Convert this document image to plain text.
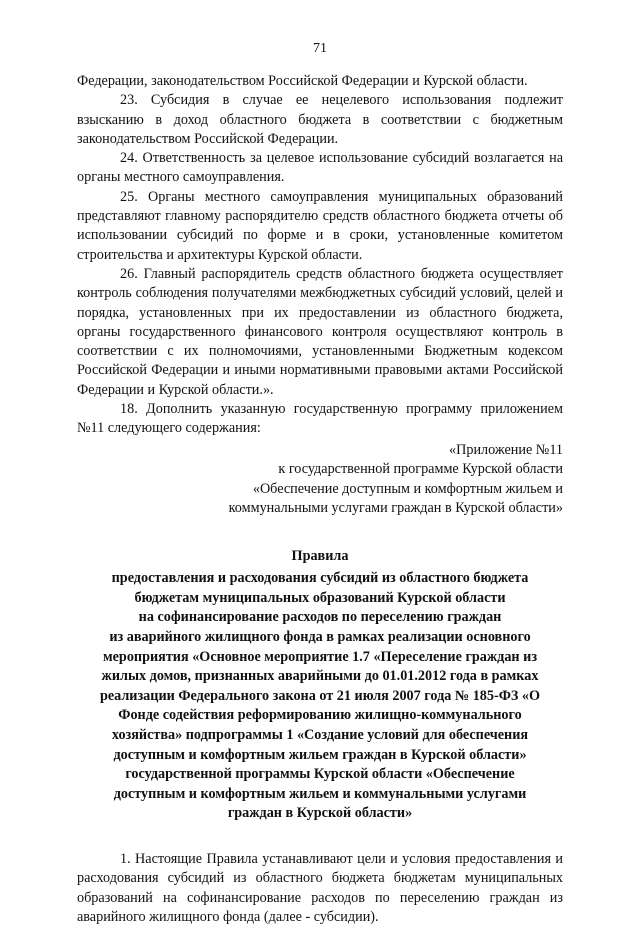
71

Федерации, законодательством Российской Федерации и Курской области.

23. Субсидия в случае ее нецелевого использования подлежит взысканию в доход областного бюджета в соответствии с бюджетным законодательством Российской Федерации.

24. Ответственность за целевое использование субсидий возлагается на органы местного самоуправления.

25. Органы местного самоуправления муниципальных образований представляют главному распорядителю средств областного бюджета отчеты об использовании субсидий по форме и в сроки, установленные комитетом строительства и архитектуры Курской области.

26. Главный распорядитель средств областного бюджета осуществляет контроль соблюдения получателями межбюджетных субсидий условий, целей и порядка, установленных при их предоставлении из областного бюджета, органы государственного финансового контроля осуществляют контроль в соответствии с их полномочиями, установленными Бюджетным кодексом Российской Федерации и иными нормативными правовыми актами Российской Федерации и Курской области.».

18. Дополнить указанную государственную программу приложением №11 следующего содержания:

«Приложение №11
к государственной программе Курской области
«Обеспечение доступным и комфортным жильем и
коммунальными услугами граждан в Курской области»
Правила
предоставления и расходования субсидий из областного бюджета
бюджетам муниципальных образований Курской области
на софинансирование расходов по переселению граждан
из аварийного жилищного фонда в рамках реализации основного
мероприятия «Основное мероприятие 1.7 «Переселение граждан из
жилых домов, признанных аварийными до 01.01.2012 года в рамках
реализации Федерального закона от 21 июля 2007 года № 185-ФЗ «О
Фонде содействия реформированию жилищно-коммунального
хозяйства» подпрограммы 1 «Создание условий для обеспечения
доступным и комфортным жильем граждан в Курской области»
государственной программы Курской области «Обеспечение
доступным и комфортным жильем и коммунальными услугами
граждан в Курской области»

1. Настоящие Правила устанавливают цели и условия предоставления и расходования субсидий из областного бюджета бюджетам муниципальных образований на софинансирование расходов по переселению граждан из аварийного жилищного фонда (далее - субсидии).
